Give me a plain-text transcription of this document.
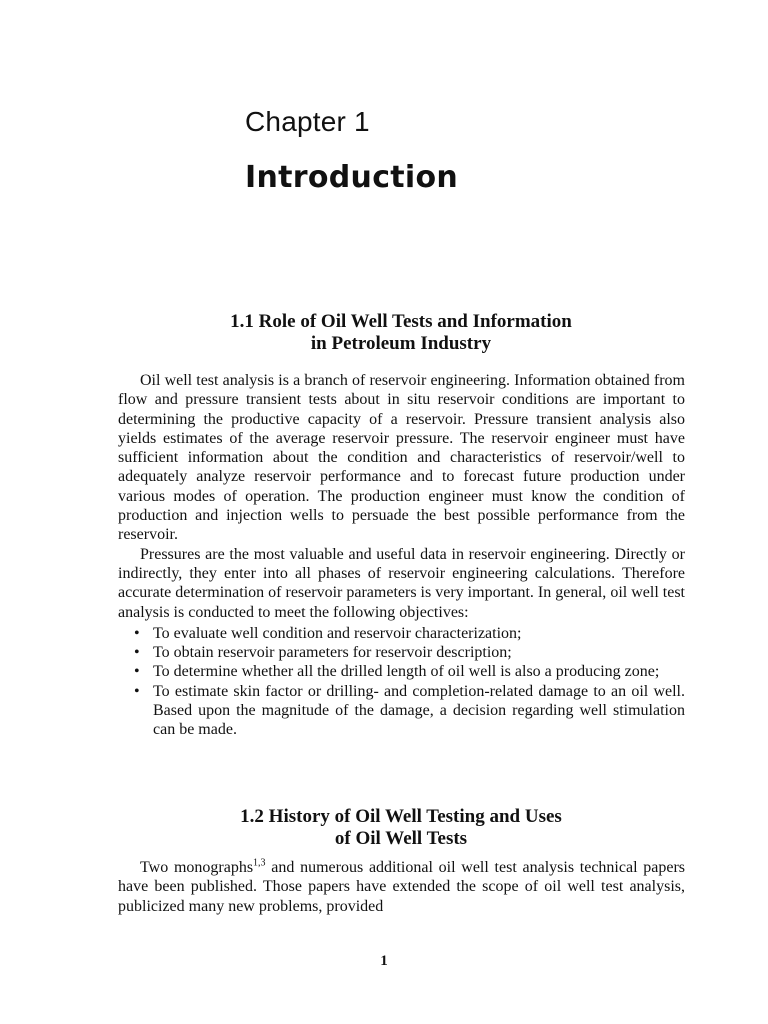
Chapter 1
Introduction
1.1 Role of Oil Well Tests and Information
in Petroleum Industry

Oil well test analysis is a branch of reservoir engineering. Information obtained from flow and pressure transient tests about in situ reservoir conditions are important to determining the productive capacity of a reservoir. Pressure transient analysis also yields estimates of the average reservoir pressure. The reservoir engineer must have sufficient information about the condition and characteristics of reservoir/well to adequately analyze reservoir performance and to forecast future production under various modes of operation. The production engineer must know the condition of production and injection wells to persuade the best possible performance from the reservoir.

Pressures are the most valuable and useful data in reservoir engineering. Directly or indirectly, they enter into all phases of reservoir engineering calculations. Therefore accurate determination of reservoir parameters is very important. In general, oil well test analysis is conducted to meet the following objectives:

• To evaluate well condition and reservoir characterization;
• To obtain reservoir parameters for reservoir description;
• To determine whether all the drilled length of oil well is also a producing zone;
• To estimate skin factor or drilling- and completion-related damage to an oil well. Based upon the magnitude of the damage, a decision regarding well stimulation can be made.
1.2 History of Oil Well Testing and Uses
of Oil Well Tests

Two monographs$^{1,3}$ and numerous additional oil well test analysis technical papers have been published. Those papers have extended the scope of oil well test analysis, publicized many new problems, provided

1
